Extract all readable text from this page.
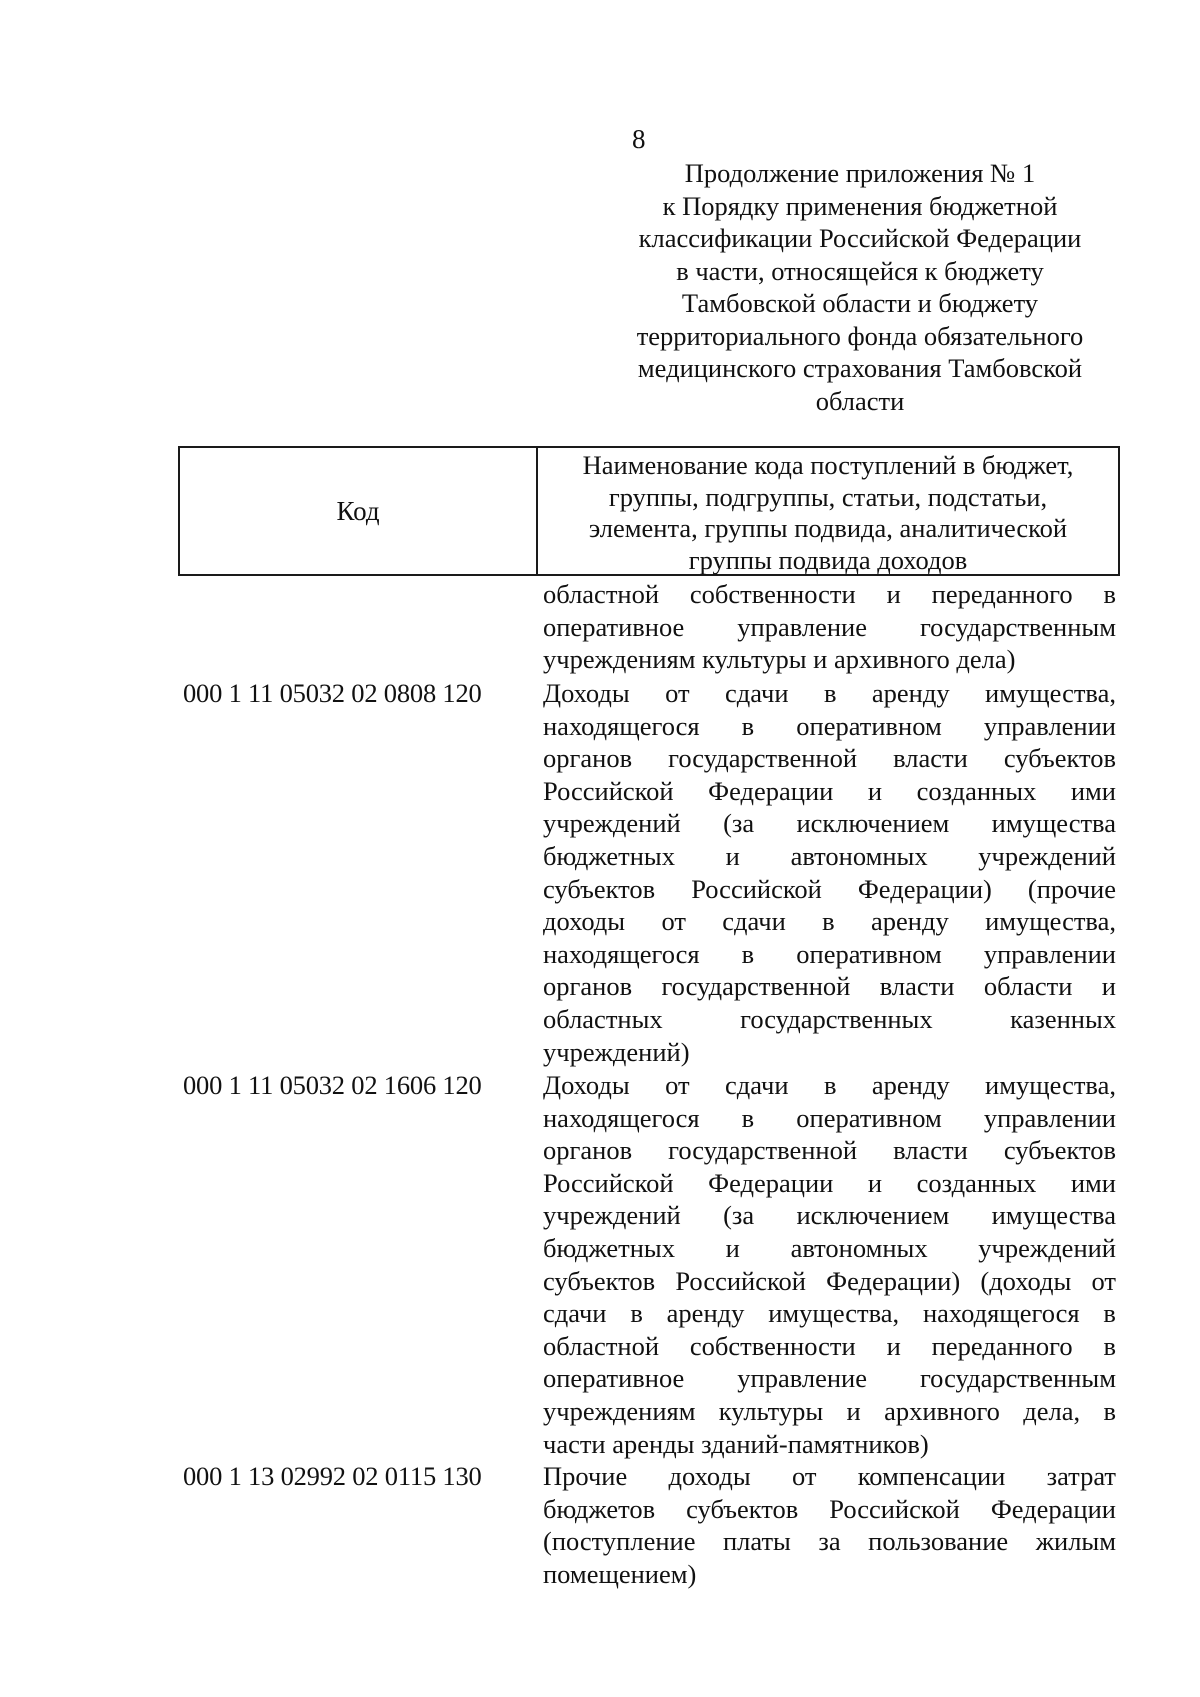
8
Продолжение приложения № 1
к Порядку применения бюджетной
классификации Российской Федерации
в части, относящейся к бюджету
Тамбовской области и бюджету
территориального фонда обязательного
медицинского страхования Тамбовской
области
Код
Наименование кода поступлений в бюджет,
группы, подгруппы, статьи, подстатьи,
элемента, группы подвида, аналитической
группы подвида доходов
областной собственности и переданного в
оперативное управление государственным
учреждениям культуры и архивного дела)
000 1 11 05032 02 0808 120 Доходы от сдачи в аренду имущества,
находящегося в оперативном управлении
органов государственной власти субъектов
Российской Федерации и созданных ими
учреждений (за исключением имущества
бюджетных и автономных учреждений
субъектов Российской Федерации) (прочие
доходы от сдачи в аренду имущества,
находящегося в оперативном управлении
органов государственной власти области и
областных	государственных	казенных
учреждений)
000 1 11 05032 02 1606 120 Доходы от сдачи в аренду имущества,
находящегося в оперативном управлении
органов государственной власти субъектов
Российской Федерации и созданных ими
учреждений (за исключением имущества
бюджетных и автономных учреждений
субъектов Российской Федерации) (доходы от
сдачи в аренду имущества, находящегося в
областной собственности и переданного в
оперативное управление государственным
учреждениям культуры и архивного дела, в
части аренды зданий-памятников)
000 1 13 02992 02 0115 130 Прочие доходы от компенсации затрат
бюджетов субъектов Российской Федерации
(поступление платы за пользование жилым
помещением)
